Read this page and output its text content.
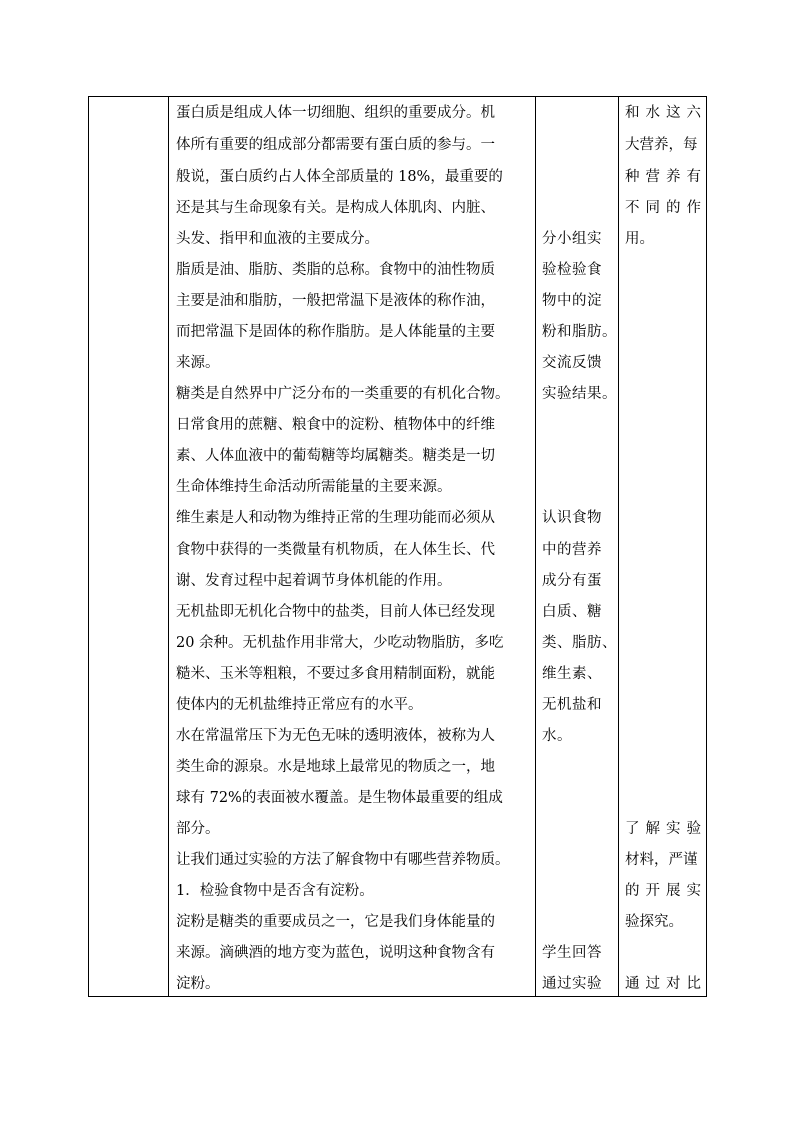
蛋白质是组成人体一切细胞、组织的重要成分。机
体所有重要的组成部分都需要有蛋白质的参与。一
般说，蛋白质约占人体全部质量的 18%，最重要的
还是其与生命现象有关。是构成人体肌肉、内脏、
头发、指甲和血液的主要成分。
脂质是油、脂肪、类脂的总称。食物中的油性物质
主要是油和脂肪，一般把常温下是液体的称作油，
而把常温下是固体的称作脂肪。是人体能量的主要
来源。
糖类是自然界中广泛分布的一类重要的有机化合物。
日常食用的蔗糖、粮食中的淀粉、植物体中的纤维
素、人体血液中的葡萄糖等均属糖类。糖类是一切
生命体维持生命活动所需能量的主要来源。
维生素是人和动物为维持正常的生理功能而必须从
食物中获得的一类微量有机物质，在人体生长、代
谢、发育过程中起着调节身体机能的作用。
无机盐即无机化合物中的盐类，目前人体已经发现
20 余种。无机盐作用非常大，少吃动物脂肪，多吃
糙米、玉米等粗粮，不要过多食用精制面粉，就能
使体内的无机盐维持正常应有的水平。
水在常温常压下为无色无味的透明液体，被称为人
类生命的源泉。水是地球上最常见的物质之一，地
球有 72%的表面被水覆盖。是生物体最重要的组成
部分。
让我们通过实验的方法了解食物中有哪些营养物质。
1．检验食物中是否含有淀粉。
淀粉是糖类的重要成员之一，它是我们身体能量的
来源。滴碘酒的地方变为蓝色，说明这种食物含有
淀粉。
分小组实
验检验食
物中的淀
粉和脂肪。
交流反馈
实验结果。
认识食物
中的营养
成分有蛋
白质、糖
类、脂肪、
维生素、
无机盐和
水。
学生回答
通过实验
和水这六
大营养，每
种营养有
不同的作
用。
了解实验
材料，严谨
的开展实
验探究。
通过对比
